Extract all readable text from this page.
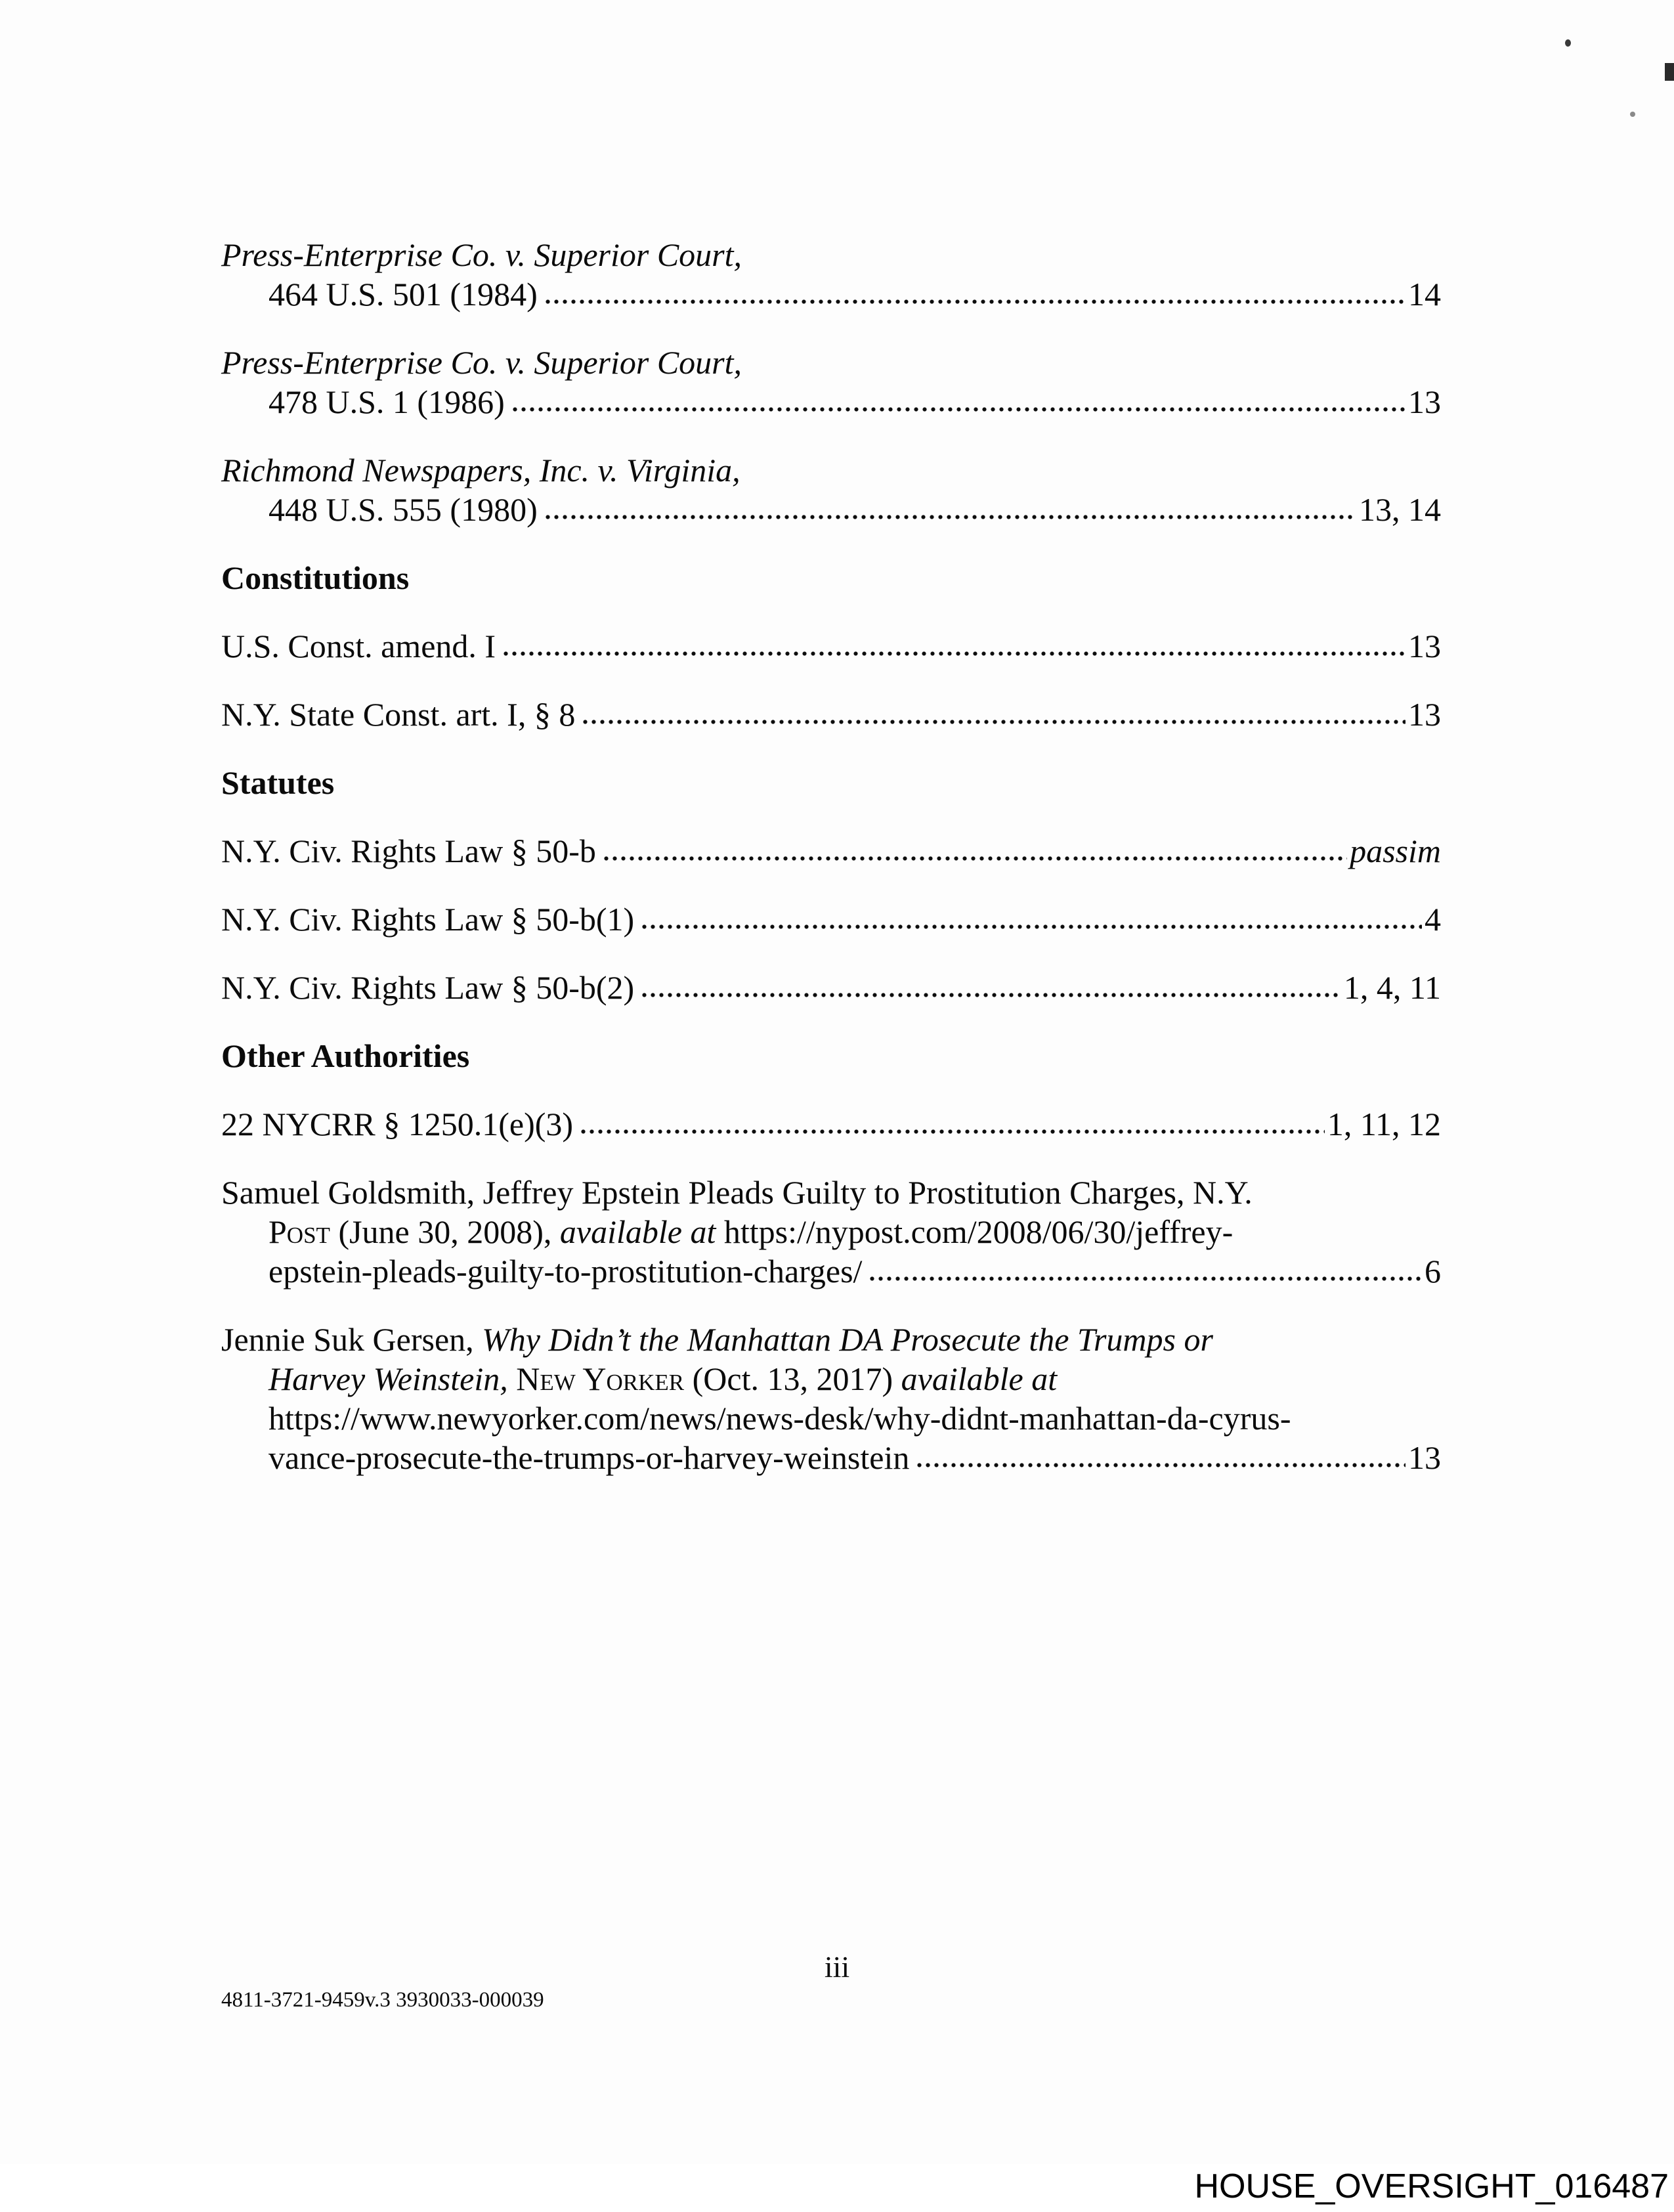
Press-Enterprise Co. v. Superior Court,
464 U.S. 501 (1984)	14
Press-Enterprise Co. v. Superior Court,
478 U.S. 1 (1986)	13
Richmond Newspapers, Inc. v. Virginia,
448 U.S. 555 (1980)	13, 14
Constitutions
U.S. Const. amend. I	13
N.Y. State Const. art. I, § 8	13
Statutes
N.Y. Civ. Rights Law § 50-b	passim
N.Y. Civ. Rights Law § 50-b(1)	4
N.Y. Civ. Rights Law § 50-b(2)	1, 4, 11
Other Authorities
22 NYCRR § 1250.1(e)(3)	1, 11, 12
Samuel Goldsmith, Jeffrey Epstein Pleads Guilty to Prostitution Charges, N.Y.
Post (June 30, 2008), available at https://nypost.com/2008/06/30/jeffrey-
epstein-pleads-guilty-to-prostitution-charges/	6
Jennie Suk Gersen, Why Didn’t the Manhattan DA Prosecute the Trumps or
Harvey Weinstein, New Yorker (Oct. 13, 2017) available at
https://www.newyorker.com/news/news-desk/why-didnt-manhattan-da-cyrus-
vance-prosecute-the-trumps-or-harvey-weinstein	13
iii
4811-3721-9459v.3 3930033-000039
HOUSE_OVERSIGHT_016487
